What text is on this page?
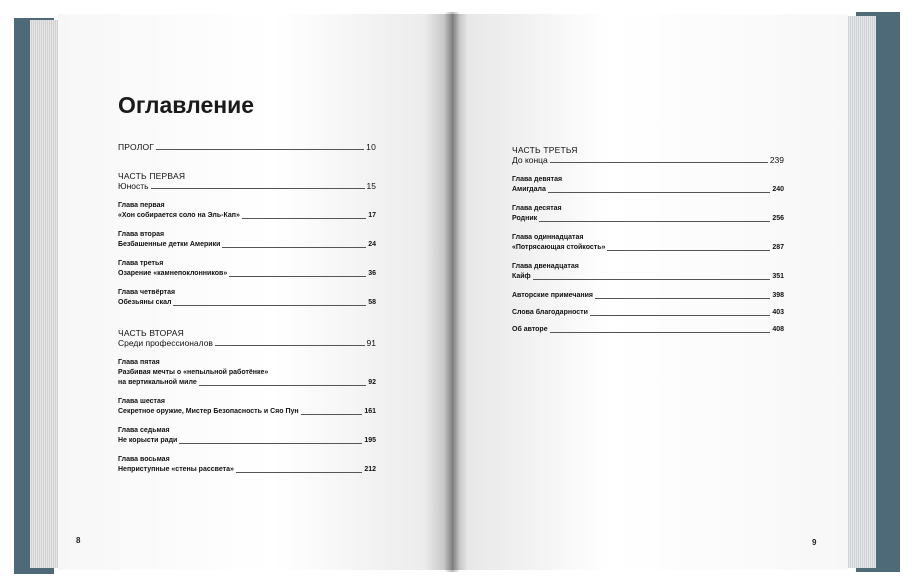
Оглавление
ПРОЛОГ	10
ЧАСТЬ ПЕРВАЯ
Юность	15
Глава первая
«Хон собирается соло на Эль-Кап»	17
Глава вторая
Безбашенные детки Америки	24
Глава третья
Озарение «камнепоклонников»	36
Глава четвёртая
Обезьяны скал	58
ЧАСТЬ ВТОРАЯ
Среди профессионалов	91
Глава пятая
Разбивая мечты о «непыльной работёнке»
на вертикальной миле	92
Глава шестая
Секретное оружие, Мистер Безопасность и Сяо Пун	161
Глава седьмая
Не корысти ради	195
Глава восьмая
Неприступные «стены рассвета»	212
8
ЧАСТЬ ТРЕТЬЯ
До конца	239
Глава девятая
Амигдала	240
Глава десятая
Родник	256
Глава одиннадцатая
«Потрясающая стойкость»	287
Глава двенадцатая
Кайф	351
Авторские примечания	398
Слова благодарности	403
Об авторе	408
9
